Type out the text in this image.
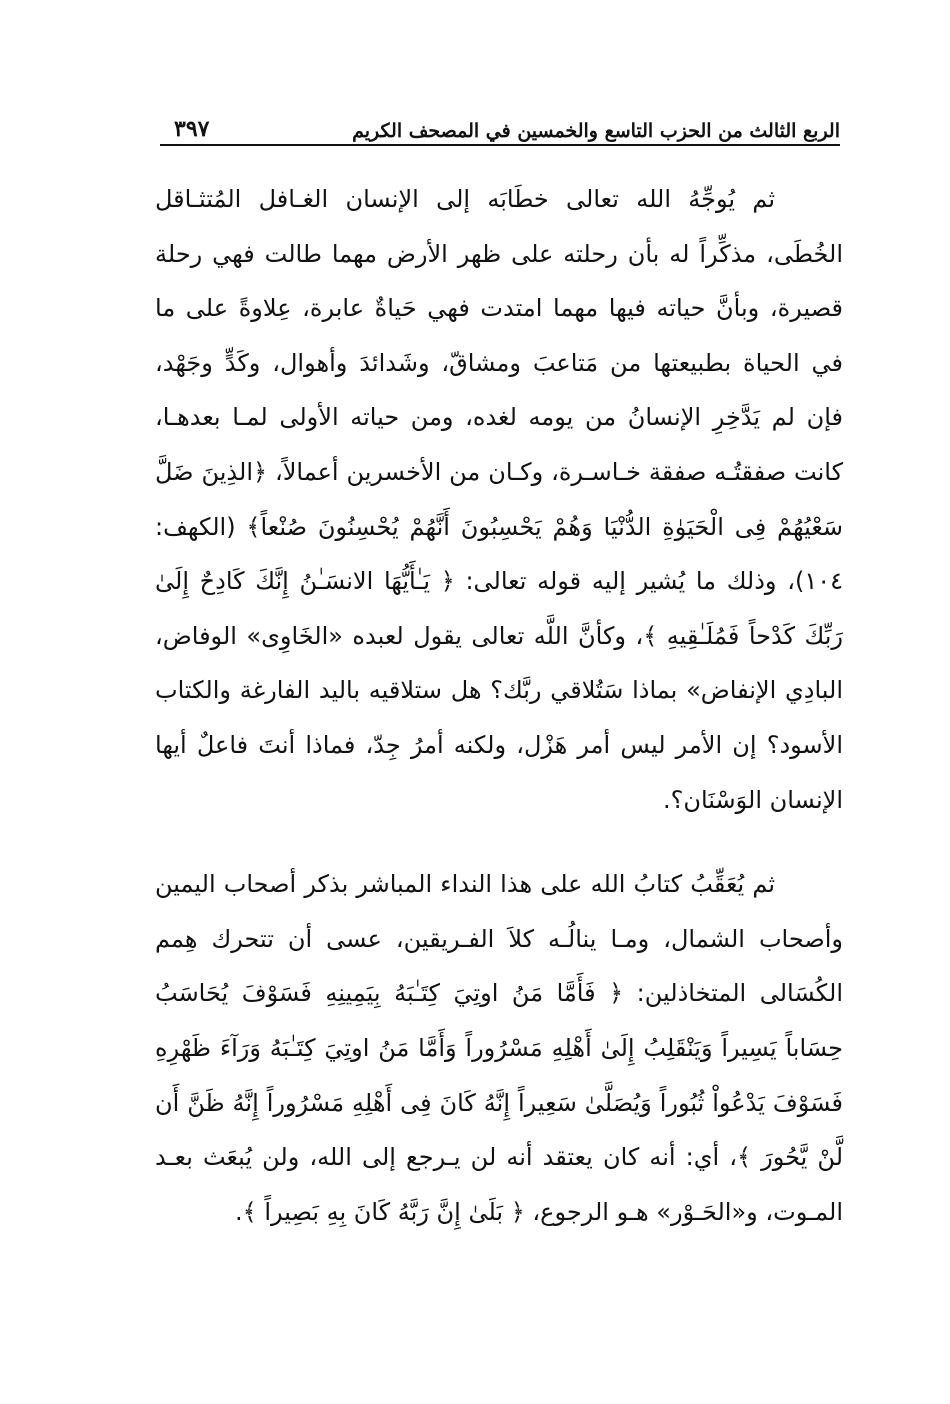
الربع الثالث من الحزب التاسع والخمسين في المصحف الكريم
٣٩٧

ثم يُوجِّهُ الله تعالى خطَابَه إلى الإنسان الغـافل المُتثـاقل الخُطَى، مذكِّراً له بأن رحلته على ظهر الأرض مهما طالت فهي رحلة قصيرة، وبأنَّ حياته فيها مهما امتدت فهي حَياةٌ عابرة، عِلاوةً على ما في الحياة بطبيعتها من مَتاعبَ ومشاقّ، وشَدائدَ وأهوال، وكَدٍّ وجَهْد، فإن لم يَدَّخِرِ الإنسانُ من يومه لغده، ومن حياته الأولى لمـا بعدهـا، كانت صفقتُـه صفقة خـاسـرة، وكـان من الأخسرين أعمالاً، ﴿الذِينَ ضَلَّ سَعْيُهُمْ فِى الْحَيَوٰةِ الدُّنْيَا وَهُمْ يَحْسِبُونَ أَنَّهُمْ يُحْسِنُونَ صُنْعاً﴾ (الكهف: ١٠٤)، وذلك ما يُشير إليه قوله تعالى: ﴿ يَـٰأَيُّهَا الانسَـٰنُ إِنَّكَ كَادِحٌ إِلَىٰ رَبِّكَ كَدْحاً فَمُلَـٰقِيهِ ﴾، وكأنَّ اللَّه تعالى يقول لعبده «الخَاوِى» الوفاض، البادِي الإنفاض» بماذا سَتُلاقي ربَّك؟ هل ستلاقيه باليد الفارغة والكتاب الأسود؟ إن الأمر ليس أمر هَزْل، ولكنه أمرُ جِدّ، فماذا أنتَ فاعلٌ أيها الإنسان الوَسْنَان؟.

ثم يُعَقِّبُ كتابُ الله على هذا النداء المباشر بذكر أصحاب اليمين وأصحاب الشمال، ومـا ينالُـه كلاَ الفـريقين، عسى أن تتحرك هِمم الكُسَالى المتخاذلين: ﴿ فَأَمَّا مَنُ اوتِيَ كِتَـٰبَهُ بِيَمِينِهِ فَسَوْفَ يُحَاسَبُ حِسَاباً يَسِيراً وَيَنْقَلِبُ إِلَىٰ أَهْلِهِ مَسْرُوراً وَأَمَّا مَنُ اوتِيَ كِتَـٰبَهُ وَرَآءَ ظَهْرِهِ فَسَوْفَ يَدْعُواْ ثُبُوراً وَيُصَلَّىٰ سَعِيراً إِنَّهُ كَانَ فِى أَهْلِهِ مَسْرُوراً إِنَّهُ ظَنَّ أَن لَّنْ يَّحُورَ ﴾، أي: أنه كان يعتقد أنه لن يـرجع إلى الله، ولن يُبعَث بعـد المـوت، و«الحَـوْر» هـو الرجوع، ﴿ بَلَىٰ إِنَّ رَبَّهُ كَانَ بِهِ بَصِيراً ﴾.
